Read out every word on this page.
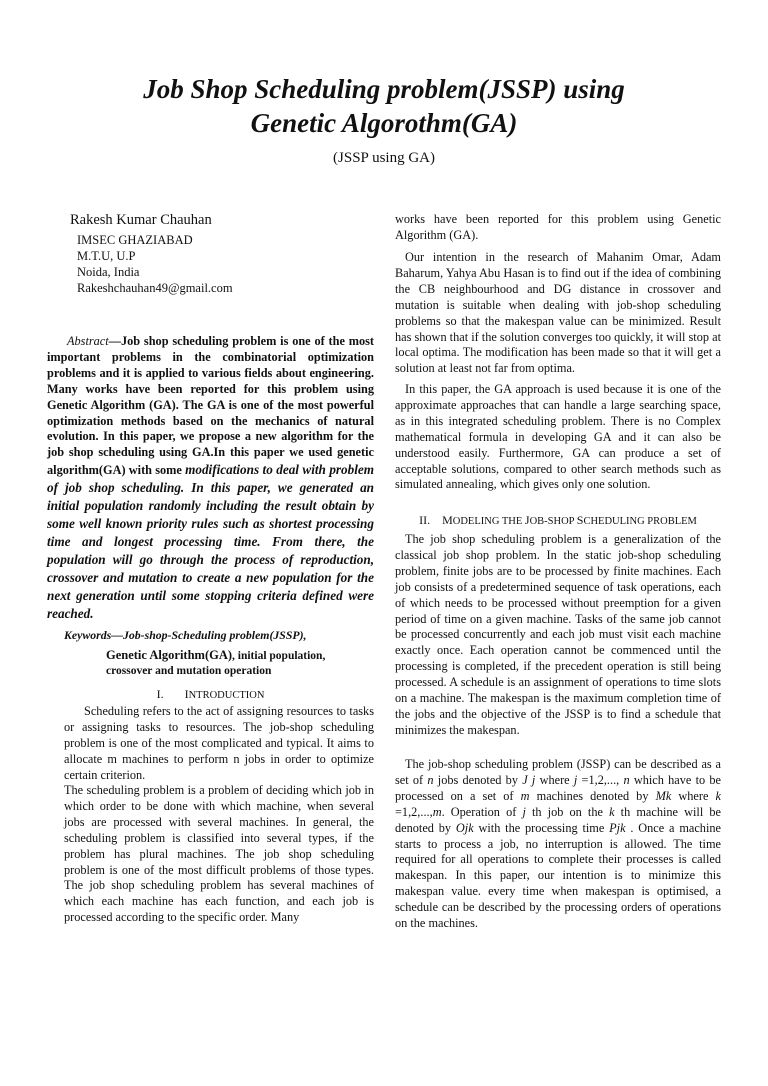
Job Shop Scheduling problem(JSSP) using
Genetic Algorothm(GA)
(JSSP using GA)
Rakesh Kumar Chauhan
IMSEC GHAZIABAD
M.T.U, U.P
Noida, India
Rakeshchauhan49@gmail.com

Abstract—Job shop scheduling problem is one of the most important problems in the combinatorial optimization problems and it is applied to various fields about engineering. Many works have been reported for this problem using Genetic Algorithm (GA). The GA is one of the most powerful optimization methods based on the mechanics of natural evolution. In this paper, we propose a new algorithm for the job shop scheduling using GA.In this paper we used genetic algorithm(GA) with some modifications to deal with problem of job shop scheduling. In this paper, we generated an initial population randomly including the result obtain by some well known priority rules such as shortest processing time and longest processing time. From there, the population will go through the process of reproduction, crossover and mutation to create a new population for the next generation until some stopping criteria defined were reached.

Keywords—Job-shop-Scheduling problem(JSSP),
Genetic Algorithm(GA), initial population,
crossover and mutation operation
I. INTRODUCTION

Scheduling refers to the act of assigning resources to tasks or assigning tasks to resources. The job-shop scheduling problem is one of the most complicated and typical. It aims to allocate m machines to perform n jobs in order to optimize certain criterion.

The scheduling problem is a problem of deciding which job in which order to be done with which machine, when several jobs are processed with several machines. In general, the scheduling problem is classified into several types, if the problem has plural machines. The job shop scheduling problem is one of the most difficult problems of those types. The job shop scheduling problem has several machines of which each machine has each function, and each job is processed according to the specific order. Many

works have been reported for this problem using Genetic Algorithm (GA).

Our intention in the research of Mahanim Omar, Adam Baharum, Yahya Abu Hasan is to find out if the idea of combining the CB neighbourhood and DG distance in crossover and mutation is suitable when dealing with job-shop scheduling problems so that the makespan value can be minimized. Result has shown that if the solution converges too quickly, it will stop at local optima. The modification has been made so that it will get a solution at least not far from optima.

In this paper, the GA approach is used because it is one of the approximate approaches that can handle a large searching space, as in this integrated scheduling problem. There is no Complex mathematical formula in developing GA and it can also be understood easily. Furthermore, GA can produce a set of acceptable solutions, compared to other search methods such as simulated annealing, which gives only one solution.

II. MODELING THE JOB-SHOP SCHEDULING PROBLEM

The job shop scheduling problem is a generalization of the classical job shop problem. In the static job-shop scheduling problem, finite jobs are to be processed by finite machines. Each job consists of a predetermined sequence of task operations, each of which needs to be processed without preemption for a given period of time on a given machine. Tasks of the same job cannot be processed concurrently and each job must visit each machine exactly once. Each operation cannot be commenced until the processing is completed, if the precedent operation is still being processed. A schedule is an assignment of operations to time slots on a machine. The makespan is the maximum completion time of the jobs and the objective of the JSSP is to find a schedule that minimizes the makespan.

The job-shop scheduling problem (JSSP) can be described as a set of n jobs denoted by J j where j =1,2,..., n which have to be processed on a set of m machines denoted by Mk where k =1,2,...,m. Operation of j th job on the k th machine will be denoted by Ojk with the processing time Pjk . Once a machine starts to process a job, no interruption is allowed. The time required for all operations to complete their processes is called makespan. In this paper, our intention is to minimize this makespan value. every time when makespan is optimised, a schedule can be described by the processing orders of operations on the machines.
